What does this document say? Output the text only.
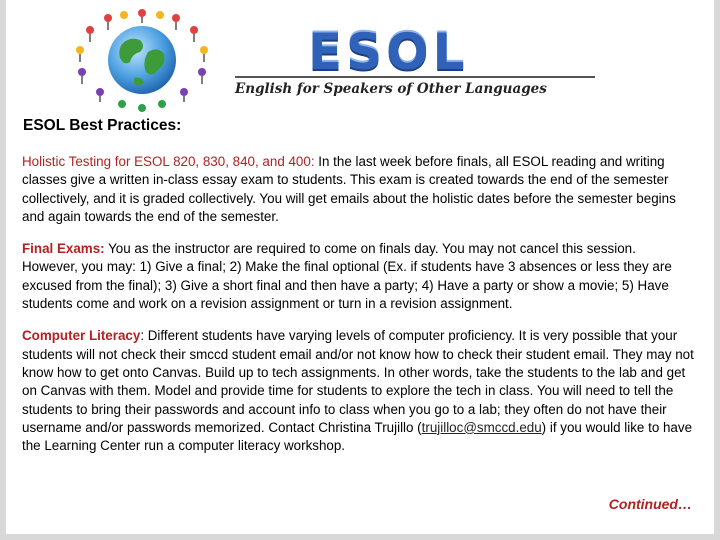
ESOL
English for Speakers of Other Languages
ESOL Best Practices:

Holistic Testing for ESOL 820, 830, 840, and 400: In the last week before finals, all ESOL reading and writing classes give a written in-class essay exam to students. This exam is created towards the end of the semester collectively, and it is graded collectively. You will get emails about the holistic dates before the semester begins and again towards the end of the semester.

Final Exams: You as the instructor are required to come on finals day. You may not cancel this session. However, you may: 1) Give a final; 2) Make the final optional (Ex. if students have 3 absences or less they are excused from the final); 3) Give a short final and then have a party; 4) Have a party or show a movie; 5) Have students come and work on a revision assignment or turn in a revision assignment.

Computer Literacy: Different students have varying levels of computer proficiency. It is very possible that your students will not check their smccd student email and/or not know how to check their student email. They may not know how to get onto Canvas. Build up to tech assignments. In other words, take the students to the lab and get on Canvas with them. Model and provide time for students to explore the tech in class. You will need to tell the students to bring their passwords and account info to class when you go to a lab; they often do not have their username and/or passwords memorized. Contact Christina Trujillo (trujilloc@smccd.edu) if you would like to have the Learning Center run a computer literacy workshop.

Continued…
